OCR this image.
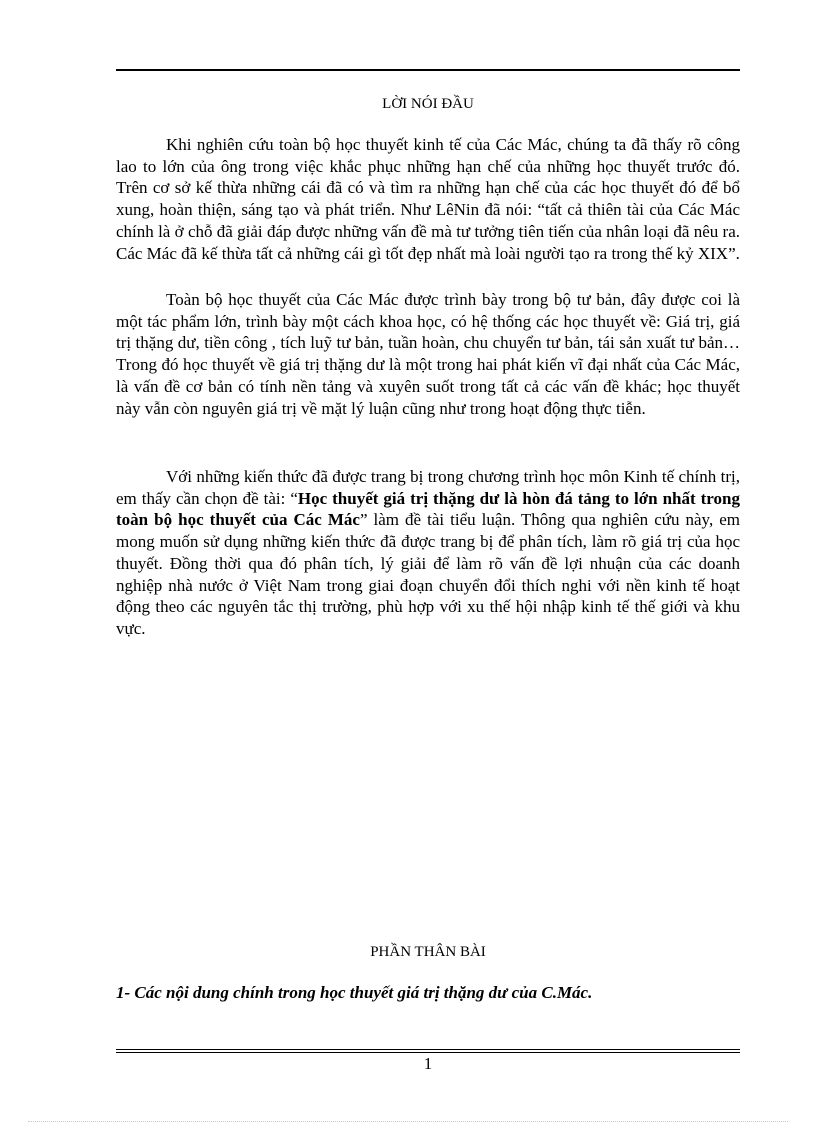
LỜI NÓI ĐẦU

Khi nghiên cứu toàn bộ học thuyết kinh tế của Các Mác, chúng ta đã thấy rõ công lao to lớn của ông trong việc khắc phục những hạn chế của những học thuyết trước đó. Trên cơ sở kế thừa những cái đã có và tìm ra những hạn chế của các học thuyết đó để bổ xung, hoàn thiện, sáng tạo và phát triển. Như LêNin đã nói: “tất cả thiên tài của Các Mác chính là ở chỗ đã giải đáp được những vấn đề mà tư tưởng tiên tiến của nhân loại đã nêu ra. Các Mác đã kế thừa tất cả những cái gì tốt đẹp nhất mà loài người tạo ra trong thế kỷ XIX”.

Toàn bộ học thuyết của Các Mác được trình bày trong bộ tư bản, đây được coi là một tác phẩm lớn, trình bày một cách khoa học, có hệ thống các học thuyết về: Giá trị, giá trị thặng dư, tiền công , tích luỹ tư bản, tuần hoàn, chu chuyển tư bản, tái sản xuất tư bản…Trong đó học thuyết về giá trị thặng dư là một trong hai phát kiến vĩ đại nhất của Các Mác, là vấn đề cơ bản có tính nền tảng và xuyên suốt trong tất cả các vấn đề khác; học thuyết này vẫn còn nguyên giá trị về mặt lý luận cũng như trong hoạt động thực tiễn.

Với những kiến thức đã được trang bị trong chương trình học môn Kinh tế chính trị, em thấy cần chọn đề tài: “Học thuyết giá trị thặng dư là hòn đá tảng to lớn nhất trong toàn bộ học thuyết của Các Mác” làm đề tài tiểu luận. Thông qua nghiên cứu này, em mong muốn sử dụng những kiến thức đã được trang bị để phân tích, làm rõ giá trị của học thuyết. Đồng thời qua đó phân tích, lý giải để làm rõ vấn đề lợi nhuận của các doanh nghiệp nhà nước ở Việt Nam trong giai đoạn chuyển đổi thích nghi với nền kinh tế hoạt động theo các nguyên tắc thị trường, phù hợp với xu thế hội nhập kinh tế thế giới và khu vực.

PHẦN THÂN BÀI

1- Các nội dung chính trong học thuyết giá trị thặng dư của C.Mác.

1
